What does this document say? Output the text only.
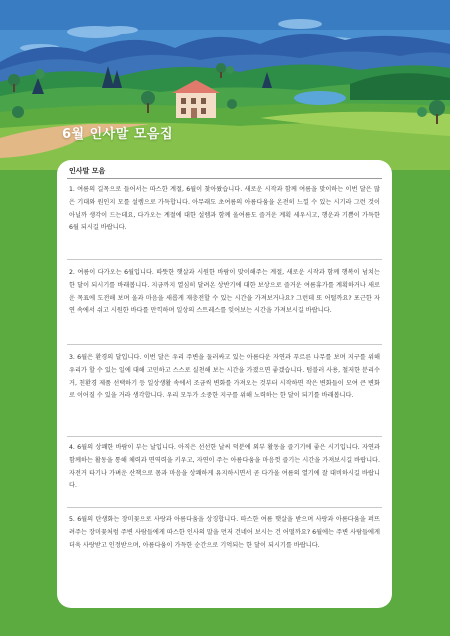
6월 인사말 모음집
인사말 모음
1. 여름의 길목으로 들어서는 따스한 계절, 6월이 찾아왔습니다. 새로운 시작과 함께 여름을 맞이하는 이번 달은 많은 기대와 원인지 모를 설렘으로 가득합니다. 아무래도 초여름의 아름다움을 온전히 느낄 수 있는 시기라 그런 것이 아닐까 생각이 드는데요, 다가오는 계절에 대한 설렘과 함께 올여름도 즐거운 계획 세우시고, 행운과 기쁨이 가득한 6월 되시길 바랍니다.
2. 여름이 다가오는 6월입니다. 따뜻한 햇살과 시원한 바람이 맞이해주는 계절, 새로운 시작과 함께 행복이 넘치는 한 달이 되시기를 바래봅니다. 지금까지 열심히 달려온 상반기에 대한 보상으로 즐거운 여름휴가를 계획하거나 새로운 목표에 도전해 보며 올과 마음을 새롭게 재충전할 수 있는 시간을 가져보거나요? 그런데 또 어떨까요? 포근한 자연 속에서 쉬고 시원한 바다를 만끽하며 일상의 스트레스를 잊어보는 시간을 가져보시길 바랍니다.
3. 6월은 환경의 달입니다. 이번 달은 우리 주변을 둘러싸고 있는 아름다운 자연과 푸르른 나무를 보며 지구를 위해 우리가 할 수 있는 일에 대해 고민하고 스스로 실천해 보는 시간을 가졌으면 좋겠습니다. 텀블러 사용, 철저한 분리수거, 친환경 제품 선택하기 등 일상생활 속에서 조금씩 변화를 가져오는 것부터 시작하면 작은 변화들이 모여 큰 변화로 이어질 수 있을 거라 생각합니다. 우리 모두가 소중한 지구를 위해 노력하는 한 달이 되기를 바래봅니다.
4. 6월의 상쾌한 바람이 부는 날입니다. 아직은 선선한 날씨 덕분에 외부 활동을 즐기기에 좋은 시기입니다. 자연과 함께하는 활동을 통해 체력과 면역력을 키우고, 자연이 주는 아름다움을 마음껏 즐기는 시간을 가져보시길 바랍니다. 자전거 타기나 가벼운 산책으로 몸과 마음을 상쾌하게 유지하시면서 곧 다가올 여름의 열기에 잘 대비하시길 바랍니다.
5. 6월의 탄생화는 장미꽃으로 사랑과 아름다움을 상징합니다. 따스한 여름 햇살을 받으며 사랑과 아름다움을 퍼뜨려주는 장미꽃처럼 주변 사람들에게 따스한 인사의 말을 먼저 건네어 보시는 건 어떨까요? 6월에는 주변 사람들에게 더욱 사랑받고 인정받으며, 아름다움이 가득한 순간으로 기억되는 한 달이 되시기를 바랍니다.
